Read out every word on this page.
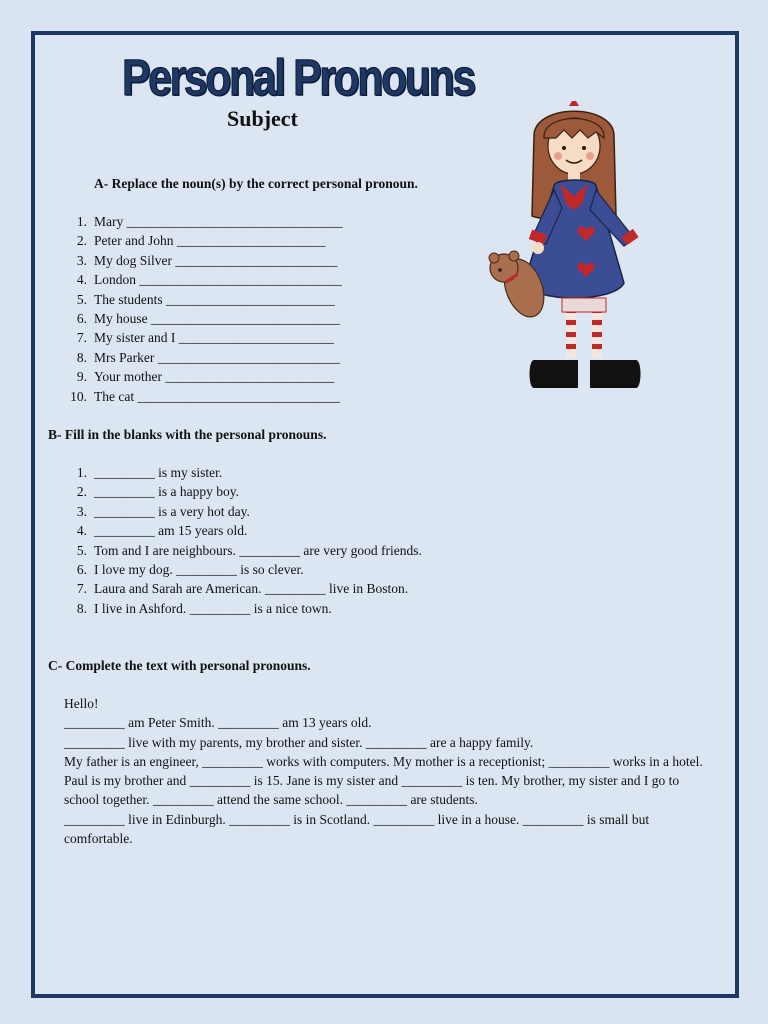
Personal Pronouns
Subject
A- Replace the noun(s) by the correct personal pronoun.
1. Mary ________________________________
2. Peter and John ______________________
3. My dog Silver ________________________
4. London ______________________________
5. The students _________________________
6. My house ____________________________
7. My sister and I _______________________
8. Mrs Parker ___________________________
9. Your mother _________________________
10. The cat ______________________________
B- Fill in the blanks with the personal pronouns.
1. _________ is my sister.
2. _________ is a happy boy.
3. _________ is a very hot day.
4. _________ am 15 years old.
5. Tom and I are neighbours. _________ are very good friends.
6. I love my dog. _________ is so clever.
7. Laura and Sarah are American. _________ live in Boston.
8. I live in Ashford. _________ is a nice town.
C- Complete the text with personal pronouns.

Hello!

_________ am Peter Smith. _________ am 13 years old.

_________ live with my parents, my brother and sister. _________ are a happy family.

My father is an engineer, _________ works with computers. My mother is a receptionist; _________ works in a hotel. Paul is my brother and _________ is 15. Jane is my sister and _________ is ten. My brother, my sister and I go to school together. _________ attend the same school. _________ are students.

_________ live in Edinburgh. _________ is in Scotland. _________ live in a house. _________ is small but comfortable.
